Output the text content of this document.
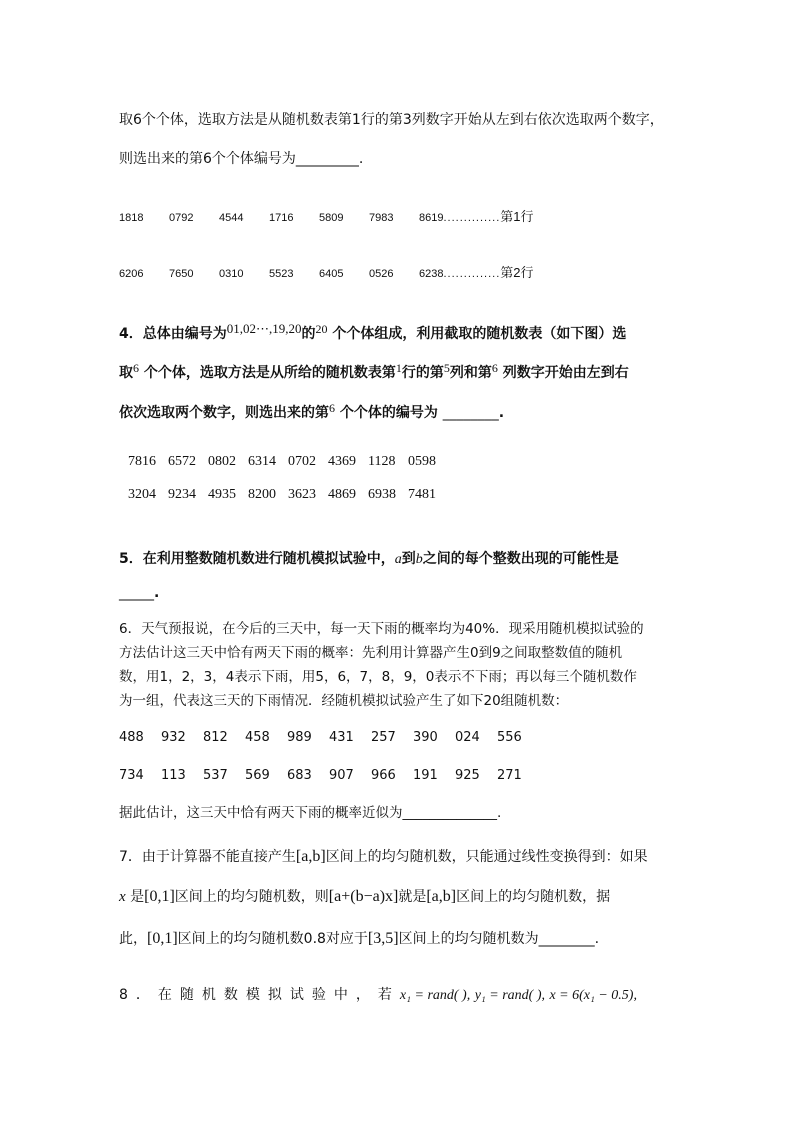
取6个个体，选取方法是从随机数表第1行的第3列数字开始从左到右依次选取两个数字，
则选出来的第6个个体编号为_________.
1818 0792 4544 1716 5809 7983 8619..............第1行
6206 7650 0310 5523 6405 0526 6238..............第2行
4．总体由编号为01,02⋯,19,20的20 个个体组成，利用截取的随机数表（如下图）选
取6 个个体，选取方法是从所给的随机数表第1行的第5列和第6 列数字开始由左到右
依次选取两个数字，则选出来的第6 个个体的编号为 ________.
7816 6572 0802 6314 0702 4369 1128 0598
3204 9234 4935 8200 3623 4869 6938 7481
5．在利用整数随机数进行随机模拟试验中，a到b之间的每个整数出现的可能性是
_____.
6．天气预报说，在今后的三天中，每一天下雨的概率均为40%．现采用随机模拟试验的
方法估计这三天中恰有两天下雨的概率：先利用计算器产生0到9之间取整数值的随机
数，用1，2，3，4表示下雨，用5，6，7，8，9，0表示不下雨；再以每三个随机数作
为一组，代表这三天的下雨情况．经随机模拟试验产生了如下20组随机数：
488 932 812 458 989 431 257 390 024 556
734 113 537 569 683 907 966 191 925 271
据此估计，这三天中恰有两天下雨的概率近似为______________.
7．由于计算器不能直接产生[a,b]区间上的均匀随机数，只能通过线性变换得到：如果
x 是[0,1]区间上的均匀随机数，则[a+(b−a)x]就是[a,b]区间上的均匀随机数，据
此，[0,1]区间上的均匀随机数0.8对应于[3,5]区间上的均匀随机数为________.
8．在随机数模拟试验中，若x₁ = rand( ), y₁ = rand( ), x = 6(x₁ − 0.5),
